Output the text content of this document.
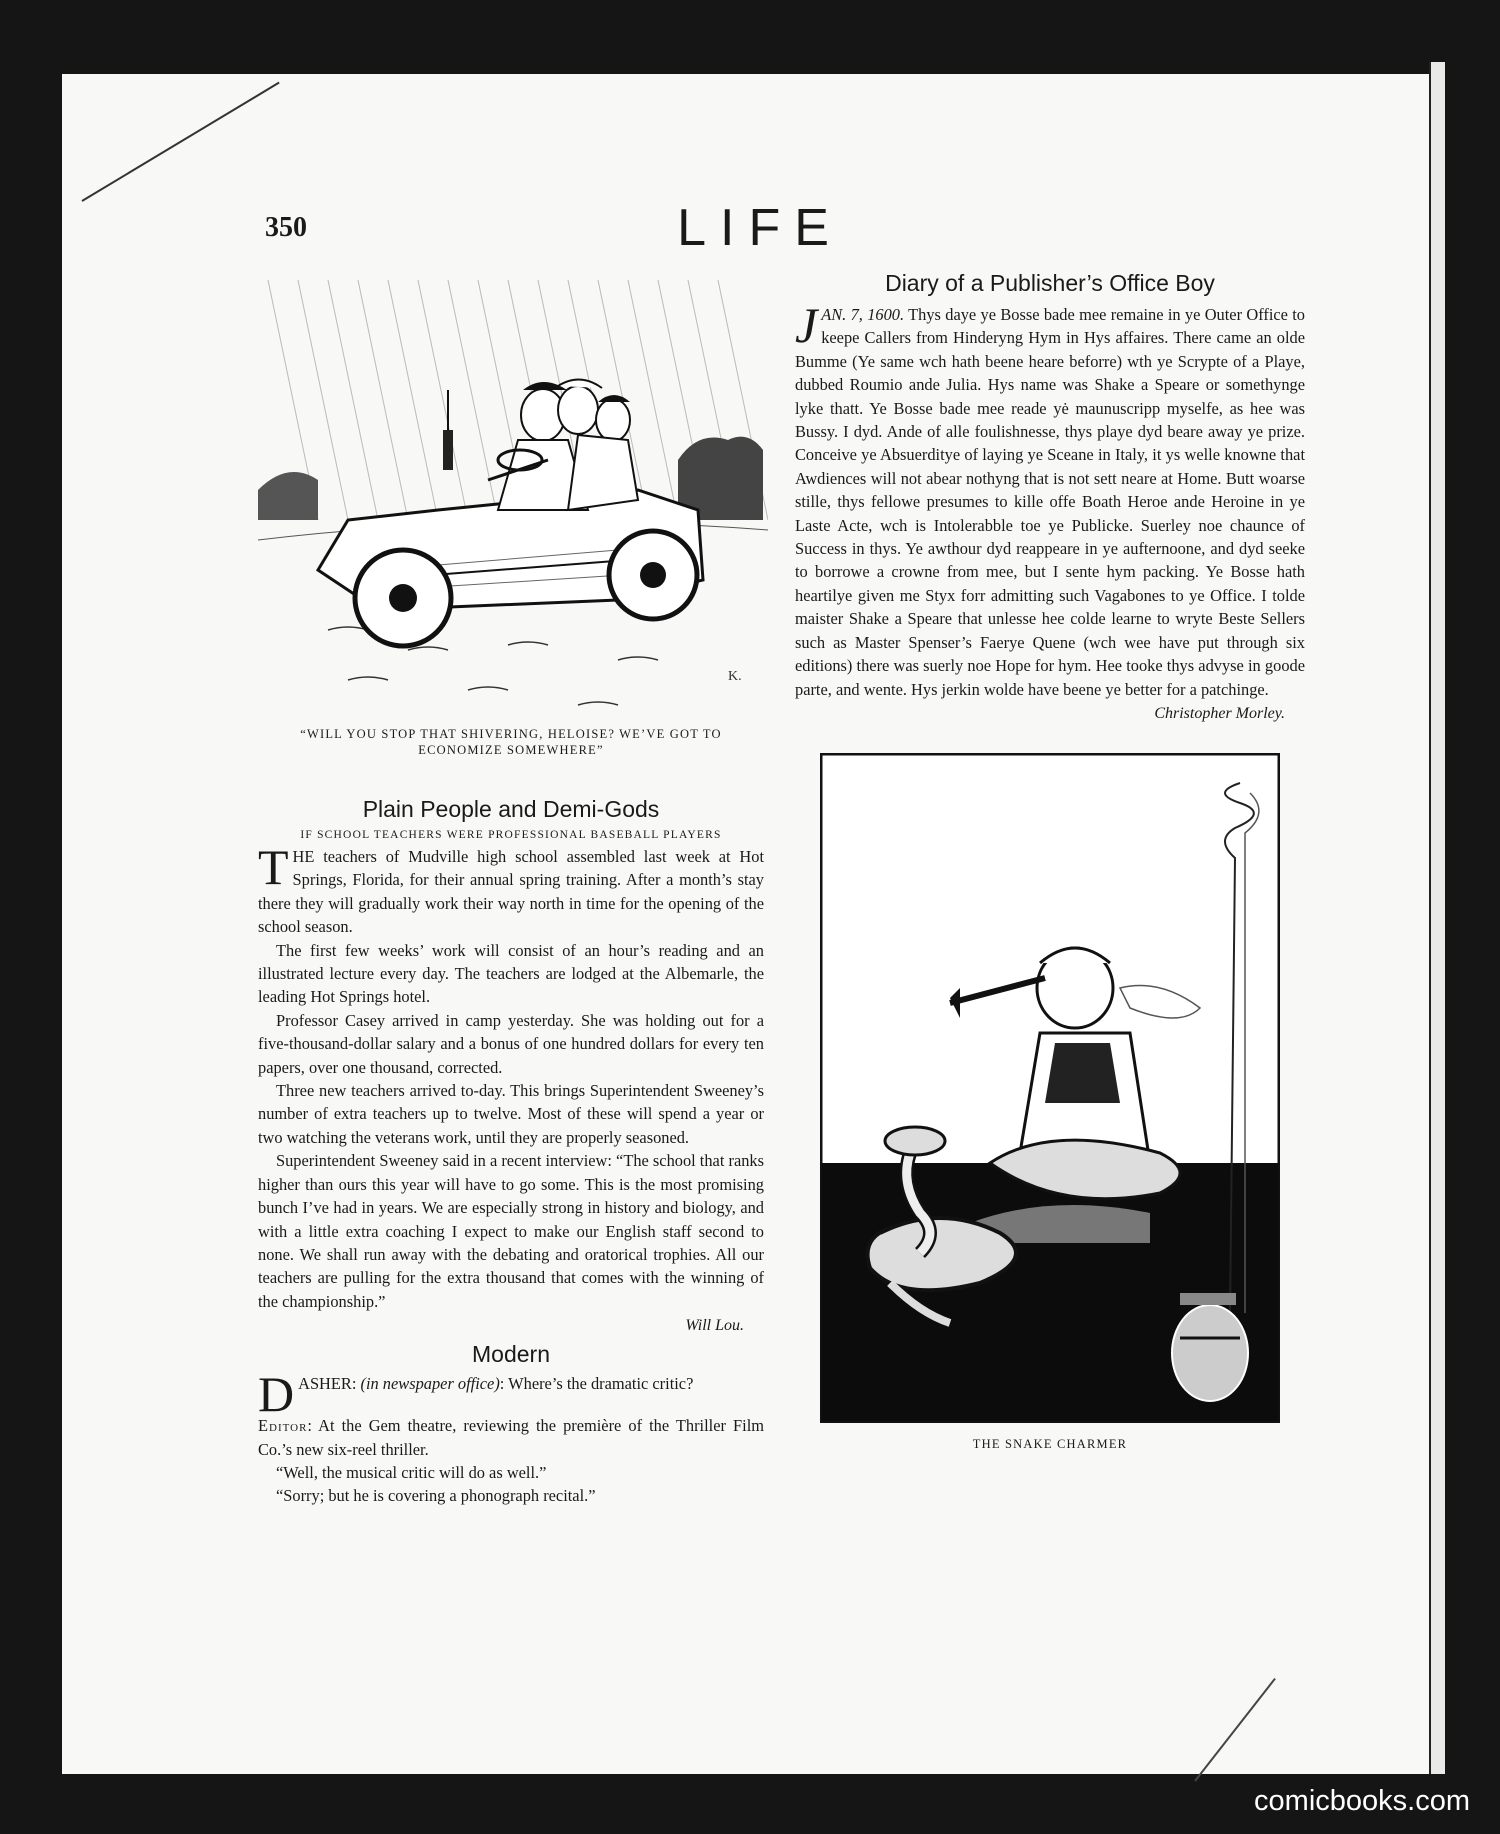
350	LIFE
K.
“WILL YOU STOP THAT SHIVERING, HELOISE? WE’VE GOT TO ECONOMIZE SOMEWHERE”
Plain People and Demi-Gods
IF SCHOOL TEACHERS WERE PROFESSIONAL BASEBALL PLAYERS

THE teachers of Mudville high school assembled last week at Hot Springs, Florida, for their annual spring training. After a month’s stay there they will gradually work their way north in time for the opening of the school season.

The first few weeks’ work will consist of an hour’s reading and an illustrated lecture every day. The teachers are lodged at the Albemarle, the leading Hot Springs hotel.

Professor Casey arrived in camp yesterday. She was holding out for a five-thousand-dollar salary and a bonus of one hundred dollars for every ten papers, over one thousand, corrected.

Three new teachers arrived to-day. This brings Superintendent Sweeney’s number of extra teachers up to twelve. Most of these will spend a year or two watching the veterans work, until they are properly seasoned.

Superintendent Sweeney said in a recent interview: “The school that ranks higher than ours this year will have to go some. This is the most promising bunch I’ve had in years. We are especially strong in history and biology, and with a little extra coaching I expect to make our English staff second to none. We shall run away with the debating and oratorical trophies. All our teachers are pulling for the extra thousand that comes with the winning of the championship.”

Will Lou.
Modern

DASHER: (in newspaper office): Where’s the dramatic critic?

Editor: At the Gem theatre, reviewing the première of the Thriller Film Co.’s new six-reel thriller.

“Well, the musical critic will do as well.”

“Sorry; but he is covering a phonograph recital.”

Diary of a Publisher’s Office Boy

JAN. 7, 1600. Thys daye ye Bosse bade mee remaine in ye Outer Office to keepe Callers from Hinderyng Hym in Hys affaires. There came an olde Bumme (Ye same wch hath beene heare beforre) wth ye Scrypte of a Playe, dubbed Roumio ande Julia. Hys name was Shake a Speare or somethynge lyke thatt. Ye Bosse bade mee reade yė maunuscripp myselfe, as hee was Bussy. I dyd. Ande of alle foulishnesse, thys playe dyd beare away ye prize. Conceive ye Absuerditye of laying ye Sceane in Italy, it ys welle knowne that Awdiences will not abear nothyng that is not sett neare at Home. Butt woarse stille, thys fellowe presumes to kille offe Boath Heroe ande Heroine in ye Laste Acte, wch is Intolerabble toe ye Publicke. Suerley noe chaunce of Success in thys. Ye awthour dyd reappeare in ye aufternoone, and dyd seeke to borrowe a crowne from mee, but I sente hym packing. Ye Bosse hath heartilye given me Styx forr admitting such Vagabones to ye Office. I tolde maister Shake a Speare that unlesse hee colde learne to wryte Beste Sellers such as Master Spenser’s Faerye Quene (wch wee have put through six editions) there was suerly noe Hope for hym. Hee tooke thys advyse in goode parte, and wente. Hys jerkin wolde have beene ye better for a patchinge.

Christopher Morley.
THE SNAKE CHARMER
comicbooks.com
